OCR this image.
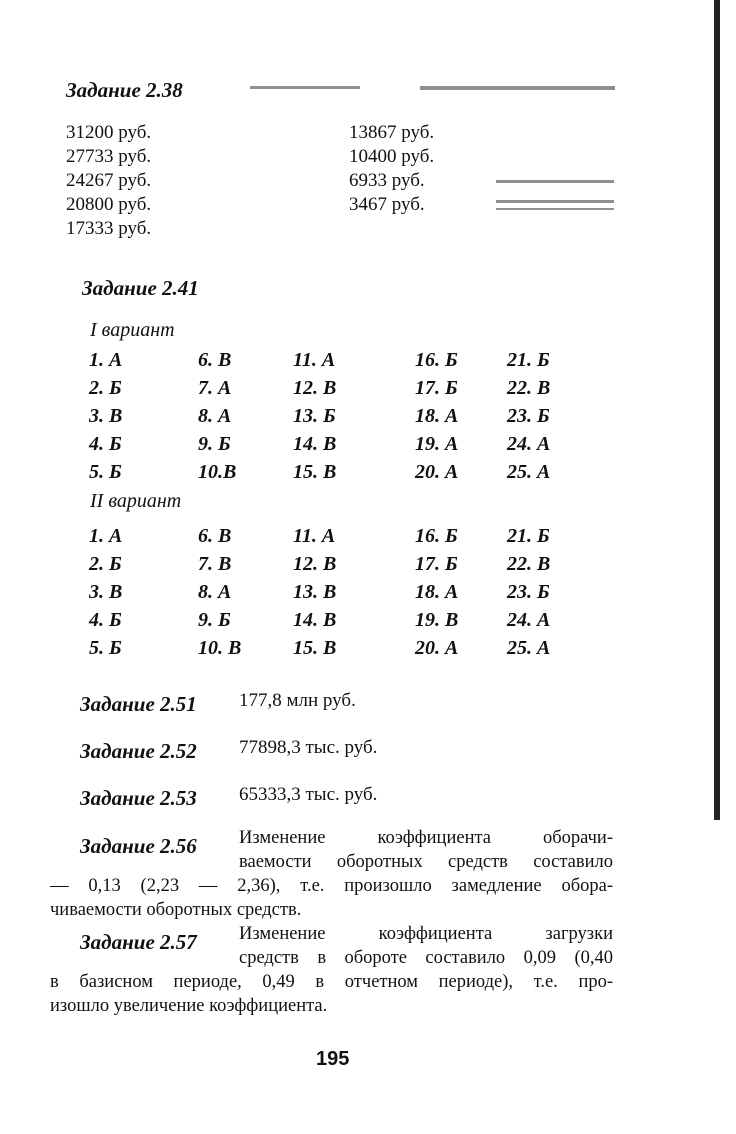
Задание 2.38
31200 руб.
27733 руб.
24267 руб.
20800 руб.
17333 руб.
13867 руб.
10400 руб.
6933 руб.
3467 руб.
Задание 2.41
I вариант
1. А
2. Б
3. В
4. Б
5. Б
6. В
7. А
8. А
9. Б
10.В
11. А
12. В
13. Б
14. В
15. В
16. Б
17. Б
18. А
19. А
20. А
21. Б
22. В
23. Б
24. А
25. А
II вариант
1. А
2. Б
3. В
4. Б
5. Б
6. В
7. В
8. А
9. Б
10. В
11. А
12. В
13. В
14. В
15. В
16. Б
17. Б
18. А
19. В
20. А
21. Б
22. В
23. Б
24. А
25. А
Задание 2.51 177,8 млн руб.
Задание 2.52 77898,3 тыс. руб.
Задание 2.53 65333,3 тыс. руб.
Задание 2.56 Изменение коэффициента оборачи-
ваемости оборотных средств составило
— 0,13 (2,23 — 2,36), т.е. произошло замедление обора-
чиваемости оборотных средств.
Задание 2.57 Изменение коэффициента загрузки
средств в обороте составило 0,09 (0,40
в базисном периоде, 0,49 в отчетном периоде), т.е. про-
изошло увеличение коэффициента.
195
